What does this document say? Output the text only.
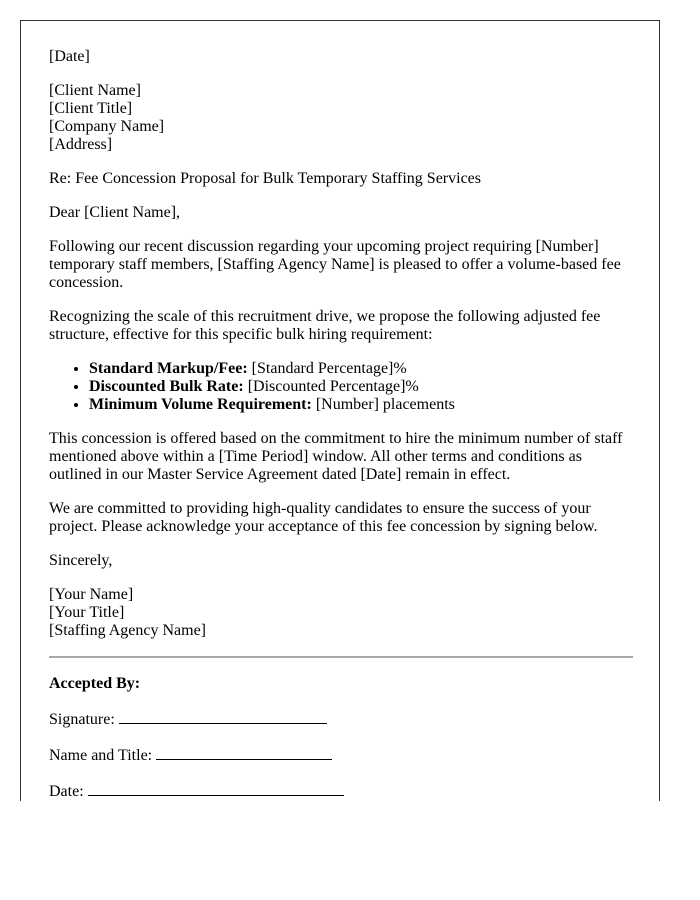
[Date]

[Client Name]
[Client Title]
[Company Name]
[Address]

Re: Fee Concession Proposal for Bulk Temporary Staffing Services

Dear [Client Name],

Following our recent discussion regarding your upcoming project requiring [Number] temporary staff members, [Staffing Agency Name] is pleased to offer a volume-based fee concession.

Recognizing the scale of this recruitment drive, we propose the following adjusted fee structure, effective for this specific bulk hiring requirement:

• Standard Markup/Fee: [Standard Percentage]%
• Discounted Bulk Rate: [Discounted Percentage]%
• Minimum Volume Requirement: [Number] placements

This concession is offered based on the commitment to hire the minimum number of staff mentioned above within a [Time Period] window. All other terms and conditions as outlined in our Master Service Agreement dated [Date] remain in effect.

We are committed to providing high-quality candidates to ensure the success of your project. Please acknowledge your acceptance of this fee concession by signing below.

Sincerely,

[Your Name]
[Your Title]
[Staffing Agency Name]

Accepted By:

Signature:
Name and Title:
Date:
